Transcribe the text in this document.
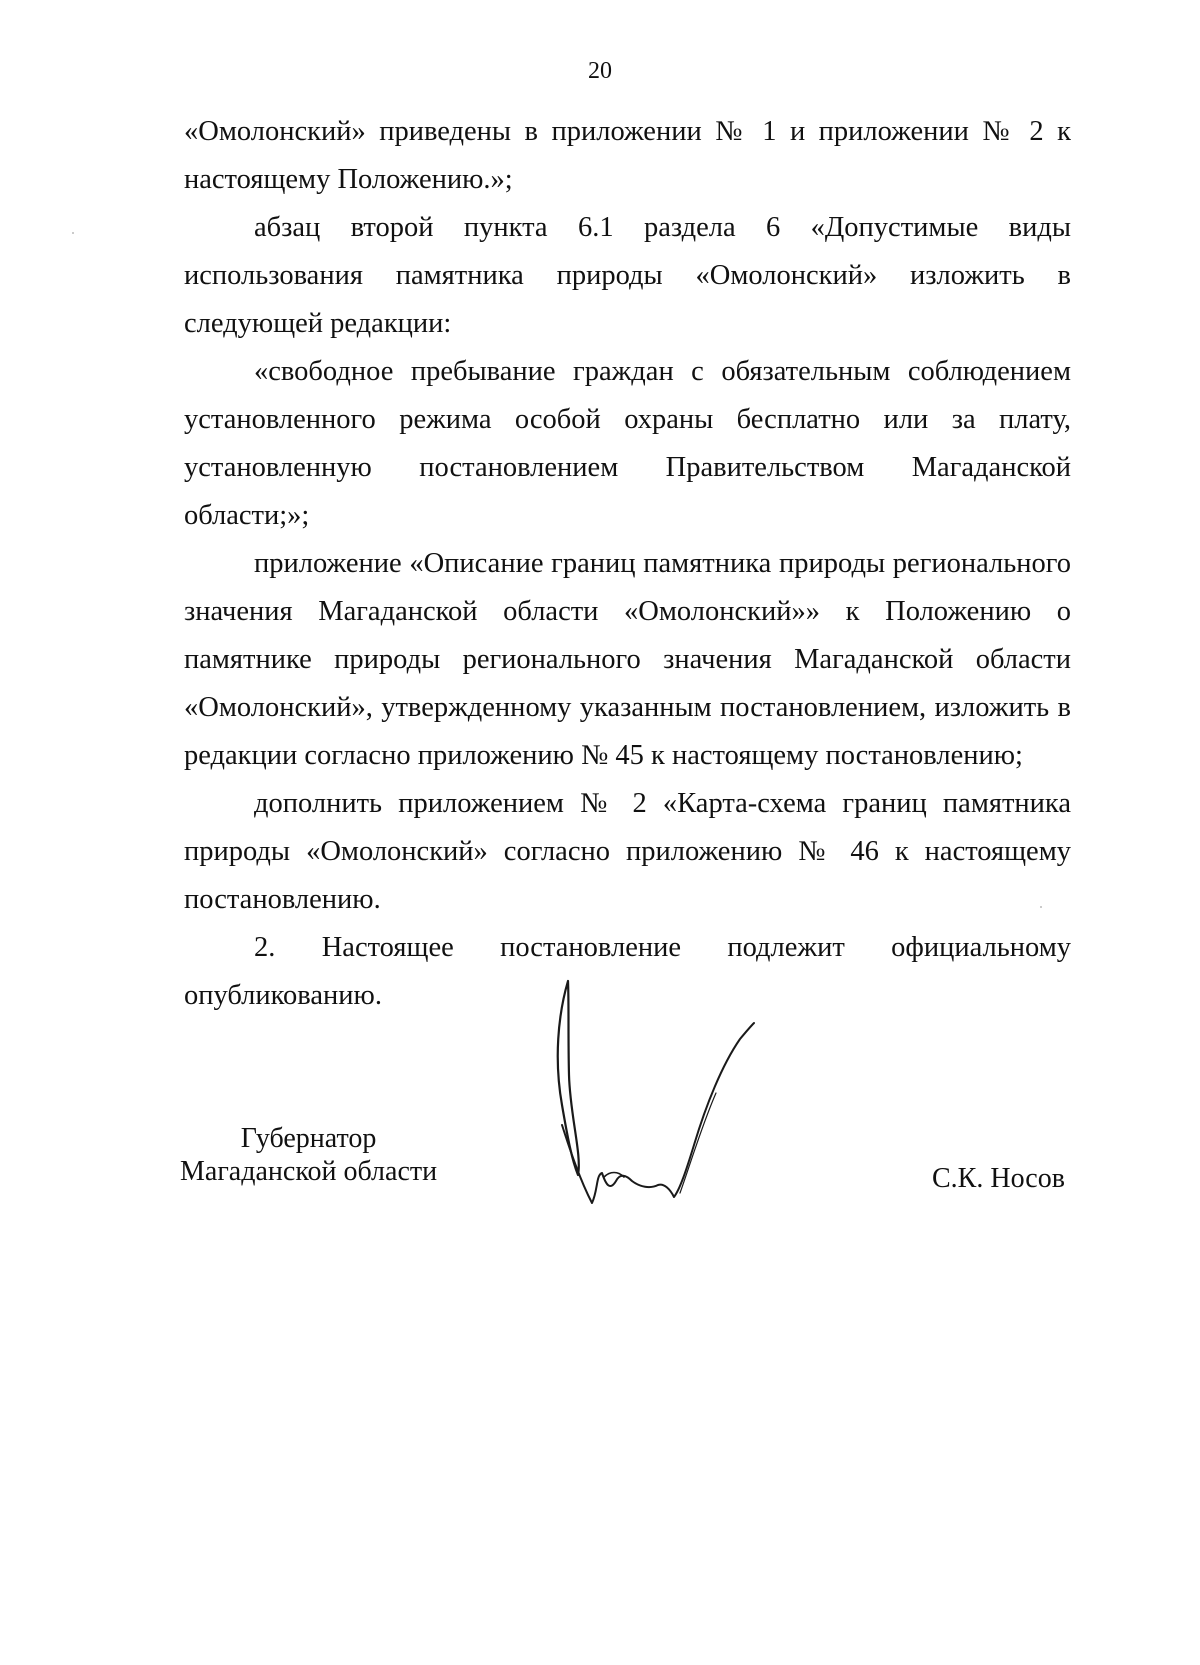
20

«Омолонский» приведены в приложении № 1 и приложении № 2 к настоящему Положению.»;

абзац второй пункта 6.1 раздела 6 «Допустимые виды использования памятника природы «Омолонский» изложить в следующей редакции:

«свободное пребывание граждан с обязательным соблюдением установленного режима особой охраны бесплатно или за плату, установленную постановлением Правительством Магаданской области;»;

приложение «Описание границ памятника природы регионального значения Магаданской области «Омолонский»» к Положению о памятнике природы регионального значения Магаданской области «Омолонский», утвержденному указанным постановлением, изложить в редакции согласно приложению № 45 к настоящему постановлению;

дополнить приложением № 2 «Карта-схема границ памятника природы «Омолонский» согласно приложению № 46 к настоящему постановлению.

2. Настоящее постановление подлежит официальному опубликованию.

Губернатор
Магаданской области	С.К. Носов
